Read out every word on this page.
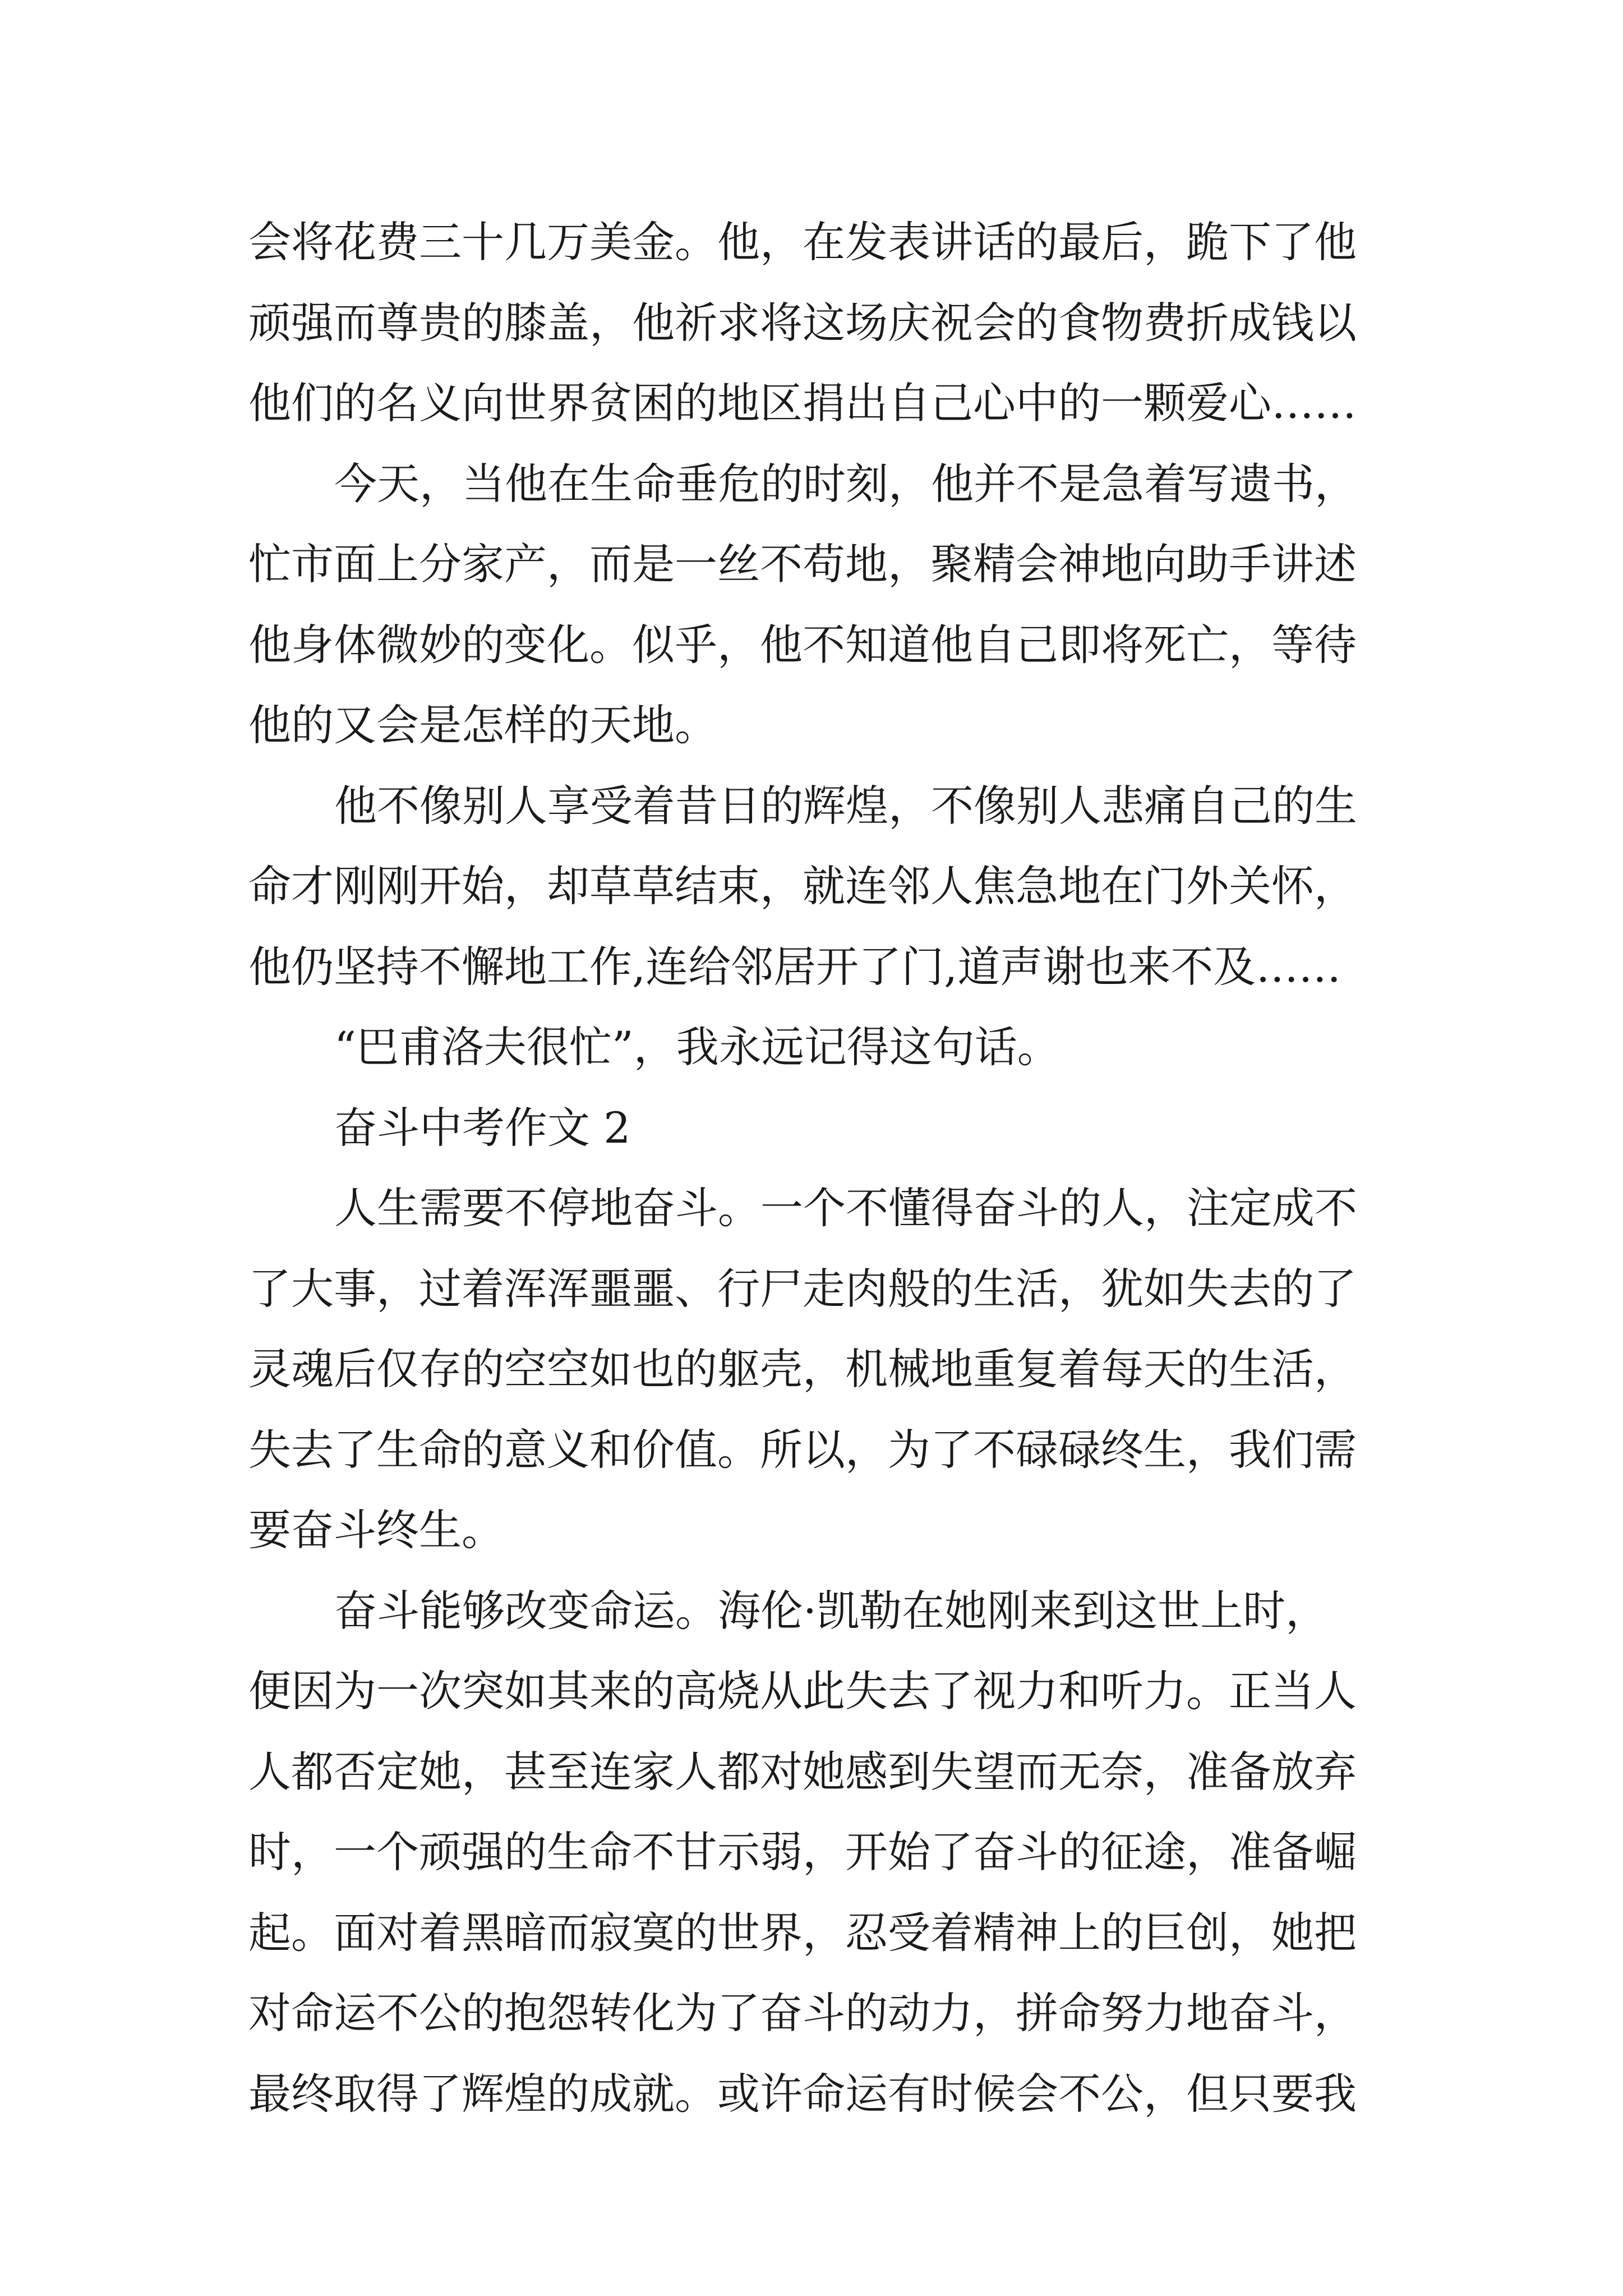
会将花费三十几万美金。他，在发表讲话的最后，跪下了他
顽强而尊贵的膝盖，他祈求将这场庆祝会的食物费折成钱以
他们的名义向世界贫困的地区捐出自己心中的一颗爱心……
今天，当他在生命垂危的时刻，他并不是急着写遗书，
忙市面上分家产，而是一丝不苟地，聚精会神地向助手讲述
他身体微妙的变化。似乎，他不知道他自己即将死亡，等待
他的又会是怎样的天地。
他不像别人享受着昔日的辉煌，不像别人悲痛自己的生
命才刚刚开始，却草草结束，就连邻人焦急地在门外关怀，
他仍坚持不懈地工作,连给邻居开了门,道声谢也来不及……
“巴甫洛夫很忙”，我永远记得这句话。
奋斗中考作文 2
人生需要不停地奋斗。一个不懂得奋斗的人，注定成不
了大事，过着浑浑噩噩、行尸走肉般的生活，犹如失去的了
灵魂后仅存的空空如也的躯壳，机械地重复着每天的生活，
失去了生命的意义和价值。所以，为了不碌碌终生，我们需
要奋斗终生。
奋斗能够改变命运。海伦·凯勒在她刚来到这世上时，
便因为一次突如其来的高烧从此失去了视力和听力。正当人
人都否定她，甚至连家人都对她感到失望而无奈，准备放弃
时，一个顽强的生命不甘示弱，开始了奋斗的征途，准备崛
起。面对着黑暗而寂寞的世界，忍受着精神上的巨创，她把
对命运不公的抱怨转化为了奋斗的动力，拼命努力地奋斗，
最终取得了辉煌的成就。或许命运有时候会不公，但只要我
